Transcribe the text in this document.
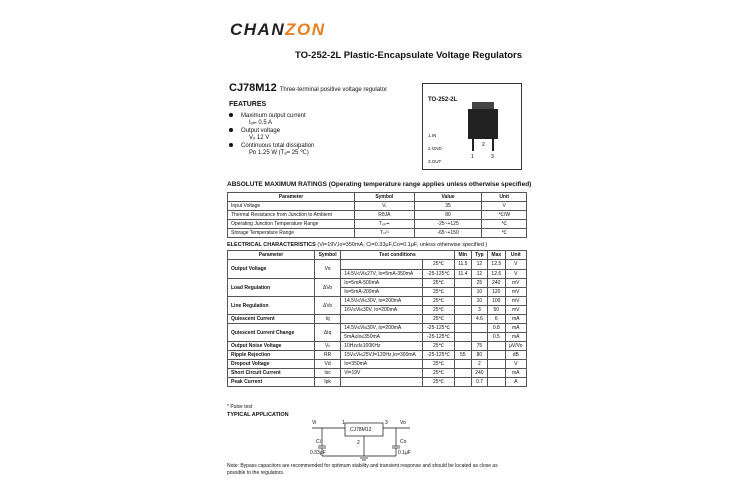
CHANZON
TO-252-2L Plastic-Encapsulate Voltage Regulators
CJ78M12 Three-terminal positive voltage regulator
FEATURES
Maximum output current
Iₒₘ 0.5 A
Output voltage
Vₒ 12 V
Continuous total dissipation
Pᴅ 1.25 W (Tₐ= 25 ℃)
TO-252-2L
1.IN
2.GND
3.OUT
1
2
3
ABSOLUTE MAXIMUM RATINGS (Operating temperature range applies unless otherwise specified)
Parameter	Symbol	Value	Unit
Input Voltage	Vᵢ	35	V
Thermal Resistance from Junction to Ambient	RθJA	80	℃/W
Operating Junction Temperature Range	Tₒₚ⭼	-25~+125	℃
Storage Temperature Range	Tₛₜᴳ	-65~+150	℃
ELECTRICAL CHARACTERISTICS (Vi=19V,Io=350mA, Ci=0.33μF,Co=0.1μF, unless otherwise specified )
Parameter	Symbol	Test conditions		Min	Typ	Max	Unit
Output Voltage	Vo		25℃	11.5	12	12.5	V
		14.5V≤Vi≤27V, Io=5mA-350mA	-25-125℃	11.4	12	12.6	V
Load Regulation	ΔVo	Io=5mA-500mA	25℃		25	240	mV
		Io=5mA-200mA	25℃		10	120	mV
Line Regulation	ΔVo	14.5V≤Vi≤30V, Io=200mA	25℃		10	100	mV
		16V≤Vi≤30V, Io=200mA	25℃		3	50	mV
Quiescent Current	Iq		25℃		4.6	6	mA
Quiescent Current Change	ΔIq	14.5V≤Vi≤30V, Io=200mA	-25-125℃			0.8	mA
		5mA≤Io≤350mA	-25-125℃			0.5	mA
Output Noise Voltage	Vₙ	10Hz≤f≤100KHz	25℃		75		μV/Vo
Ripple Rejection	RR	15V≤Vi≤25V,f=120Hz,Io=300mA	-25-125℃	55	80		dB
Dropout Voltage	Vd	Io=350mA	25℃		2		V
Short Circuit Current	Isc	Vi=19V	25℃		240		mA
Peak Current	Ipk		25℃		0.7		A
* Pulse test
TYPICAL APPLICATION
Vi	Vo
1	3
2
CJ78M12
Ci
0.33μF
Co
0.1μF
Note: Bypass capacitors are recommended for optimum stability and transient response and should be located as close as
possible to the regulators.
